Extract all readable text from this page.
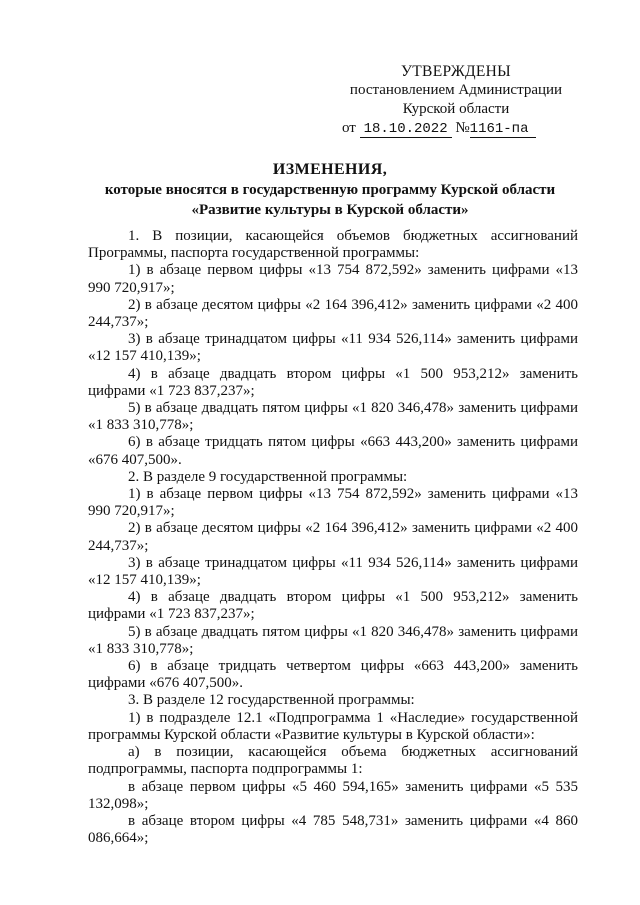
УТВЕРЖДЕНЫ
постановлением Администрации
Курской области
от 18.10.2022 №1161-па
ИЗМЕНЕНИЯ,
которые вносятся в государственную программу Курской области
«Развитие культуры в Курской области»

1. В позиции, касающейся объемов бюджетных ассигнований Программы, паспорта государственной программы:

1) в абзаце первом цифры «13 754 872,592» заменить цифрами «13 990 720,917»;

2) в абзаце десятом цифры «2 164 396,412» заменить цифрами «2 400 244,737»;

3) в абзаце тринадцатом цифры «11 934 526,114» заменить цифрами «12 157 410,139»;

4) в абзаце двадцать втором цифры «1 500 953,212» заменить цифрами «1 723 837,237»;

5) в абзаце двадцать пятом цифры «1 820 346,478» заменить цифрами «1 833 310,778»;

6) в абзаце тридцать пятом цифры «663 443,200» заменить цифрами «676 407,500».

2. В разделе 9 государственной программы:

1) в абзаце первом цифры «13 754 872,592» заменить цифрами «13 990 720,917»;

2) в абзаце десятом цифры «2 164 396,412» заменить цифрами «2 400 244,737»;

3) в абзаце тринадцатом цифры «11 934 526,114» заменить цифрами «12 157 410,139»;

4) в абзаце двадцать втором цифры «1 500 953,212» заменить цифрами «1 723 837,237»;

5) в абзаце двадцать пятом цифры «1 820 346,478» заменить цифрами «1 833 310,778»;

6) в абзаце тридцать четвертом цифры «663 443,200» заменить цифрами «676 407,500».

3. В разделе 12 государственной программы:

1) в подразделе 12.1 «Подпрограмма 1 «Наследие» государственной программы Курской области «Развитие культуры в Курской области»:

а) в позиции, касающейся объема бюджетных ассигнований подпрограммы, паспорта подпрограммы 1:

в абзаце первом цифры «5 460 594,165» заменить цифрами «5 535 132,098»;

в абзаце втором цифры «4 785 548,731» заменить цифрами «4 860 086,664»;
